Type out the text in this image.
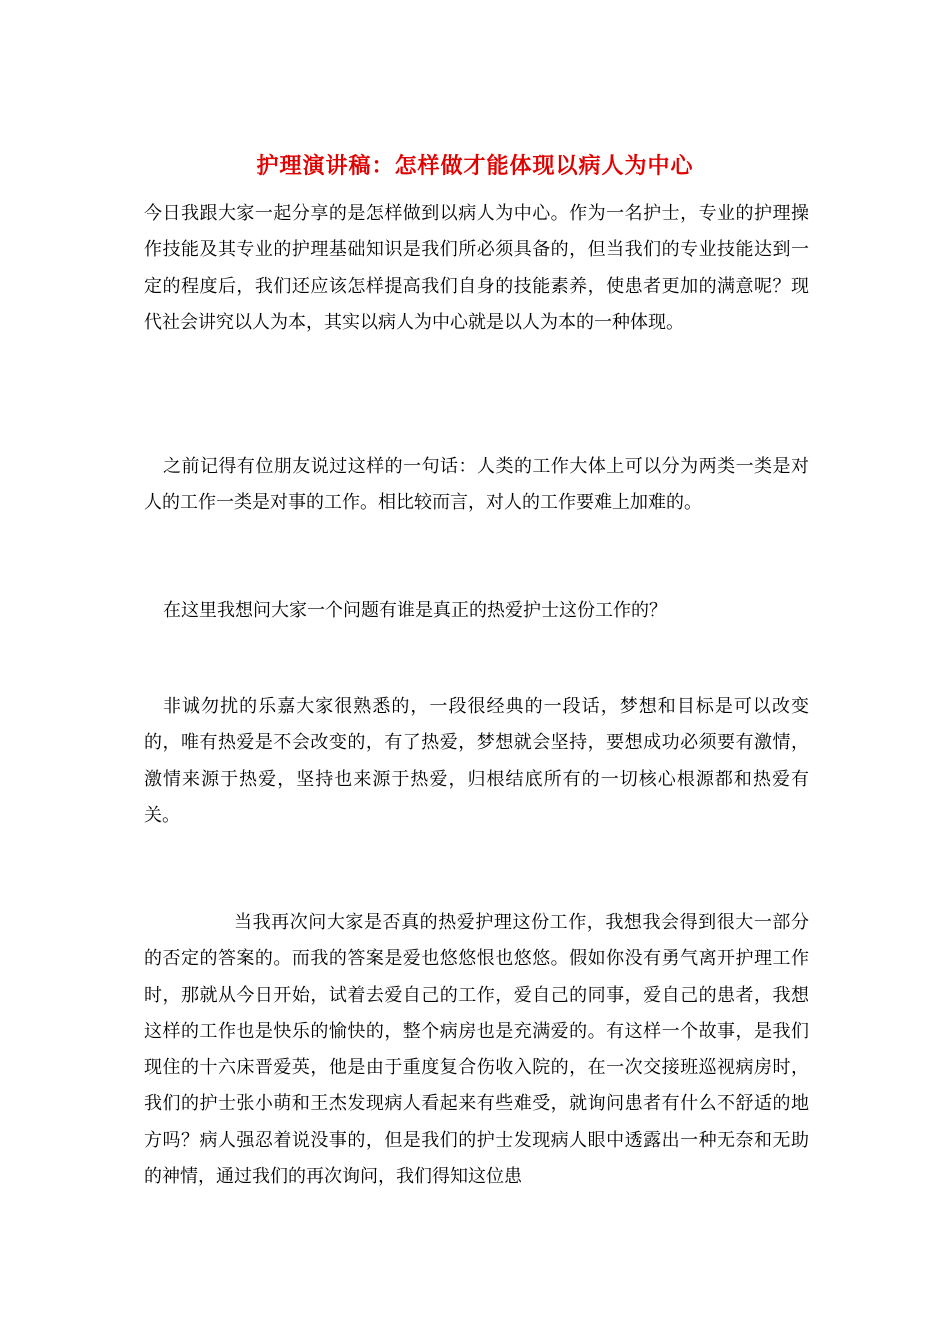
护理演讲稿：怎样做才能体现以病人为中心

今日我跟大家一起分享的是怎样做到以病人为中心。作为一名护士，专业的护理操作技能及其专业的护理基础知识是我们所必须具备的，但当我们的专业技能达到一定的程度后，我们还应该怎样提高我们自身的技能素养，使患者更加的满意呢？现代社会讲究以人为本，其实以病人为中心就是以人为本的一种体现。

之前记得有位朋友说过这样的一句话：人类的工作大体上可以分为两类一类是对人的工作一类是对事的工作。相比较而言，对人的工作要难上加难的。

在这里我想问大家一个问题有谁是真正的热爱护士这份工作的？

非诚勿扰的乐嘉大家很熟悉的，一段很经典的一段话，梦想和目标是可以改变的，唯有热爱是不会改变的，有了热爱，梦想就会坚持，要想成功必须要有激情，激情来源于热爱，坚持也来源于热爱，归根结底所有的一切核心根源都和热爱有关。

当我再次问大家是否真的热爱护理这份工作，我想我会得到很大一部分的否定的答案的。而我的答案是爱也悠悠恨也悠悠。假如你没有勇气离开护理工作时，那就从今日开始，试着去爱自己的工作，爱自己的同事，爱自己的患者，我想这样的工作也是快乐的愉快的，整个病房也是充满爱的。有这样一个故事，是我们现住的十六床晋爱英，他是由于重度复合伤收入院的，在一次交接班巡视病房时，我们的护士张小萌和王杰发现病人看起来有些难受，就询问患者有什么不舒适的地方吗？病人强忍着说没事的，但是我们的护士发现病人眼中透露出一种无奈和无助的神情，通过我们的再次询问，我们得知这位患
